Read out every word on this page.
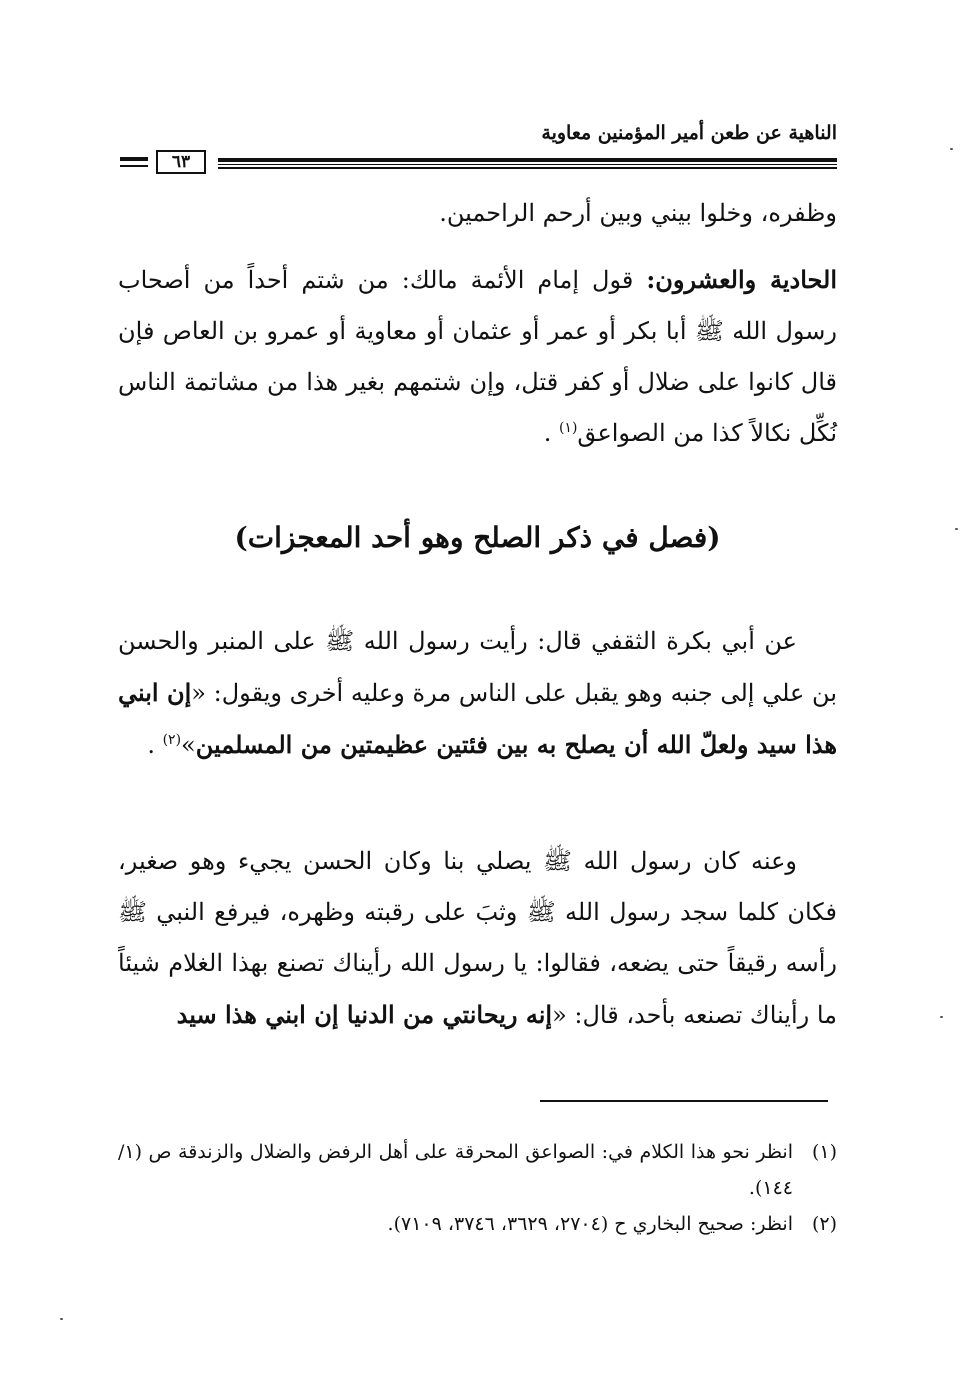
الناهية عن طعن أمير المؤمنين معاوية
٦٣
وظفره، وخلوا بيني وبين أرحم الراحمين.
الحادية والعشرون: قول إمام الأئمة مالك: من شتم أحداً من أصحاب رسول الله ﷺ أبا بكر أو عمر أو عثمان أو معاوية أو عمرو بن العاص فإن قال كانوا على ضلال أو كفر قتل، وإن شتمهم بغير هذا من مشاتمة الناس نُكِّل نكالاً كذا من الصواعق$^{(١)}$ .
(فصل في ذكر الصلح وهو أحد المعجزات)
عن أبي بكرة الثقفي قال: رأيت رسول الله ﷺ على المنبر والحسن بن علي إلى جنبه وهو يقبل على الناس مرة وعليه أخرى ويقول: «إن ابني هذا سيد ولعلّ الله أن يصلح به بين فئتين عظيمتين من المسلمين»$^{(٢)}$ .
وعنه كان رسول الله ﷺ يصلي بنا وكان الحسن يجيء وهو صغير، فكان كلما سجد رسول الله ﷺ وثبَ على رقبته وظهره، فيرفع النبي ﷺ رأسه رقيقاً حتى يضعه، فقالوا: يا رسول الله رأيناك تصنع بهذا الغلام شيئاً ما رأيناك تصنعه بأحد، قال: «إنه ريحانتي من الدنيا إن ابني هذا سيد
(١)
انظر نحو هذا الكلام في: الصواعق المحرقة على أهل الرفض والضلال والزندقة ص (١/ ١٤٤).
(٢)
انظر: صحيح البخاري ح (٢٧٠٤، ٣٦٢٩، ٣٧٤٦، ٧١٠٩).
